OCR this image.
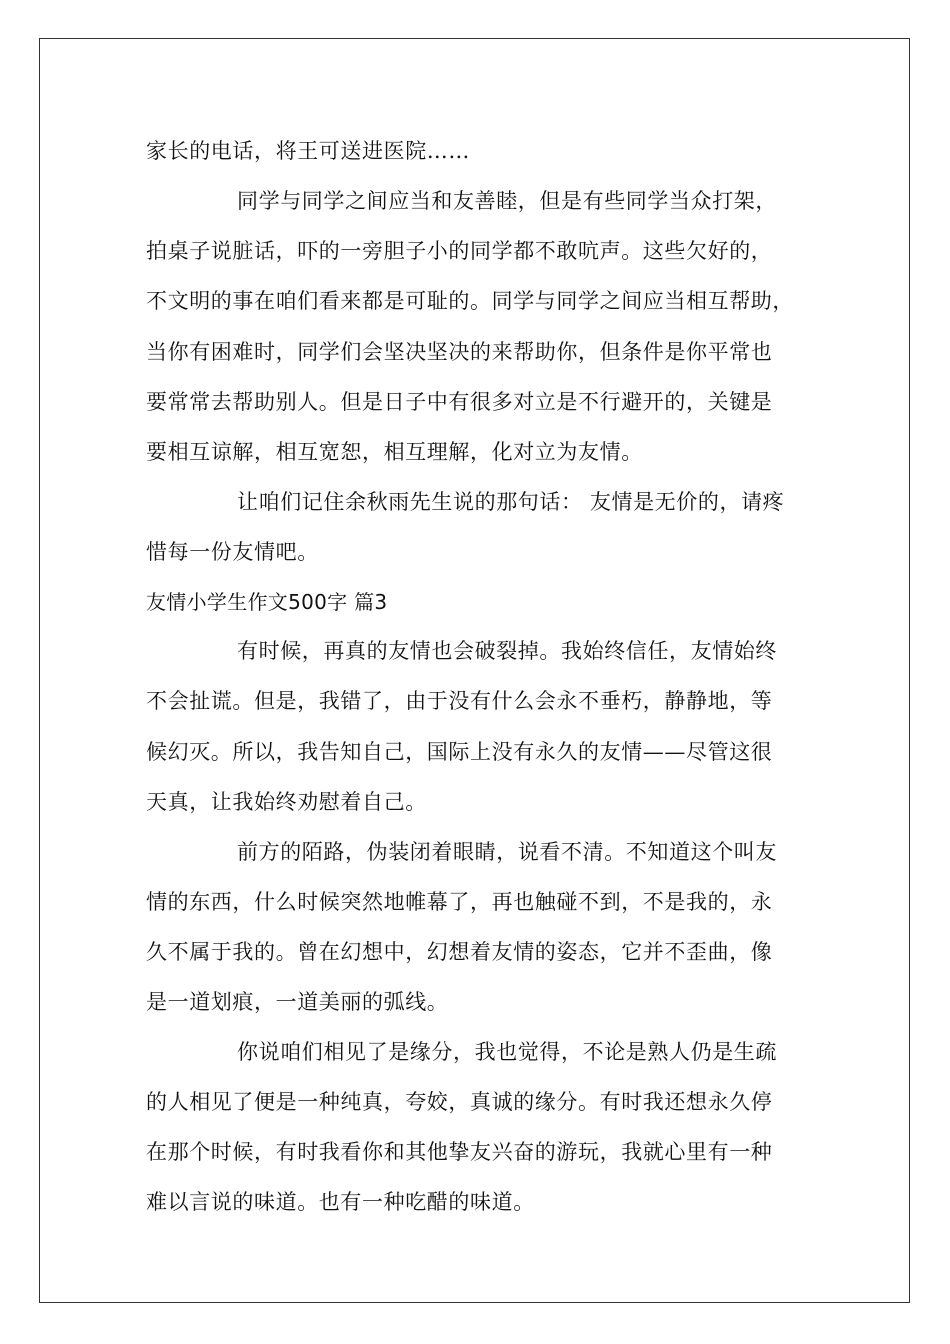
家长的电话，将王可送进医院……
同学与同学之间应当和友善睦，但是有些同学当众打架，
拍桌子说脏话，吓的一旁胆子小的同学都不敢吭声。这些欠好的，
不文明的事在咱们看来都是可耻的。同学与同学之间应当相互帮助，
当你有困难时，同学们会坚决坚决的来帮助你，但条件是你平常也
要常常去帮助别人。但是日子中有很多对立是不行避开的，关键是
要相互谅解，相互宽恕，相互理解，化对立为友情。
让咱们记住余秋雨先生说的那句话： 友情是无价的，请疼
惜每一份友情吧。
友情小学生作文500字 篇3
有时候，再真的友情也会破裂掉。我始终信任，友情始终
不会扯谎。但是，我错了，由于没有什么会永不垂朽，静静地，等
候幻灭。所以，我告知自己，国际上没有永久的友情——尽管这很
天真，让我始终劝慰着自己。
前方的陌路，伪装闭着眼睛，说看不清。不知道这个叫友
情的东西，什么时候突然地帷幕了，再也触碰不到，不是我的，永
久不属于我的。曾在幻想中，幻想着友情的姿态，它并不歪曲，像
是一道划痕，一道美丽的弧线。
你说咱们相见了是缘分，我也觉得，不论是熟人仍是生疏
的人相见了便是一种纯真，夸姣，真诚的缘分。有时我还想永久停
在那个时候，有时我看你和其他挚友兴奋的游玩，我就心里有一种
难以言说的味道。也有一种吃醋的味道。
